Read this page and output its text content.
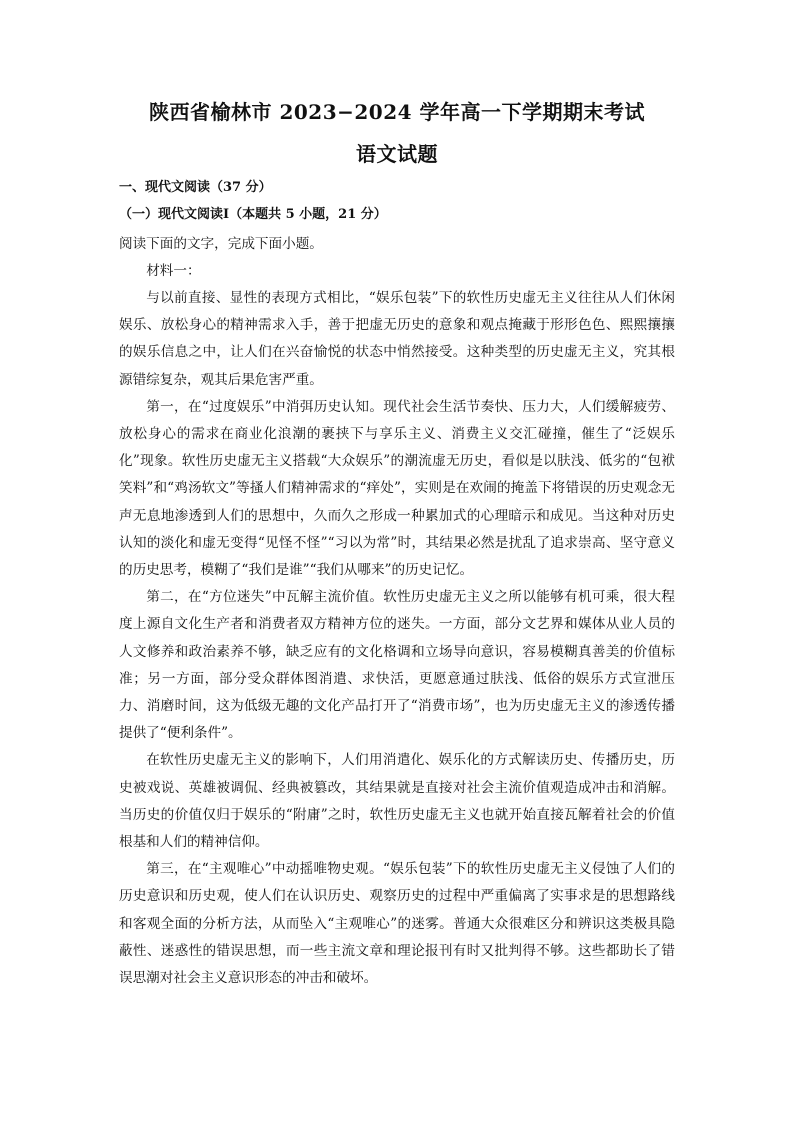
陕西省榆林市 2023−2024 学年高一下学期期末考试
语文试题
一、现代文阅读（37 分）
（一）现代文阅读Ⅰ（本题共 5 小题，21 分）
阅读下面的文字，完成下面小题。
材料一：

与以前直接、显性的表现方式相比，“娱乐包装”下的软性历史虚无主义往往从人们休闲娱乐、放松身心的精神需求入手，善于把虚无历史的意象和观点掩藏于形形色色、熙熙攘攘的娱乐信息之中，让人们在兴奋愉悦的状态中悄然接受。这种类型的历史虚无主义，究其根源错综复杂，观其后果危害严重。

第一，在“过度娱乐”中消弭历史认知。现代社会生活节奏快、压力大，人们缓解疲劳、放松身心的需求在商业化浪潮的裹挟下与享乐主义、消费主义交汇碰撞，催生了“泛娱乐化”现象。软性历史虚无主义搭载“大众娱乐”的潮流虚无历史，看似是以肤浅、低劣的“包袱笑料”和“鸡汤软文”等搔人们精神需求的“痒处”，实则是在欢闹的掩盖下将错误的历史观念无声无息地渗透到人们的思想中，久而久之形成一种累加式的心理暗示和成见。当这种对历史认知的淡化和虚无变得“见怪不怪”“习以为常”时，其结果必然是扰乱了追求崇高、坚守意义的历史思考，模糊了“我们是谁”“我们从哪来”的历史记忆。

第二，在“方位迷失”中瓦解主流价值。软性历史虚无主义之所以能够有机可乘，很大程度上源自文化生产者和消费者双方精神方位的迷失。一方面，部分文艺界和媒体从业人员的人文修养和政治素养不够，缺乏应有的文化格调和立场导向意识，容易模糊真善美的价值标准；另一方面，部分受众群体图消遣、求快活，更愿意通过肤浅、低俗的娱乐方式宣泄压力、消磨时间，这为低级无趣的文化产品打开了“消费市场”，也为历史虚无主义的渗透传播提供了“便利条件”。

在软性历史虚无主义的影响下，人们用消遣化、娱乐化的方式解读历史、传播历史，历史被戏说、英雄被调侃、经典被篡改，其结果就是直接对社会主流价值观造成冲击和消解。当历史的价值仅归于娱乐的“附庸”之时，软性历史虚无主义也就开始直接瓦解着社会的价值根基和人们的精神信仰。

第三，在“主观唯心”中动摇唯物史观。“娱乐包装”下的软性历史虚无主义侵蚀了人们的历史意识和历史观，使人们在认识历史、观察历史的过程中严重偏离了实事求是的思想路线和客观全面的分析方法，从而坠入“主观唯心”的迷雾。普通大众很难区分和辨识这类极具隐蔽性、迷惑性的错误思想，而一些主流文章和理论报刊有时又批判得不够。这些都助长了错误思潮对社会主义意识形态的冲击和破坏。
